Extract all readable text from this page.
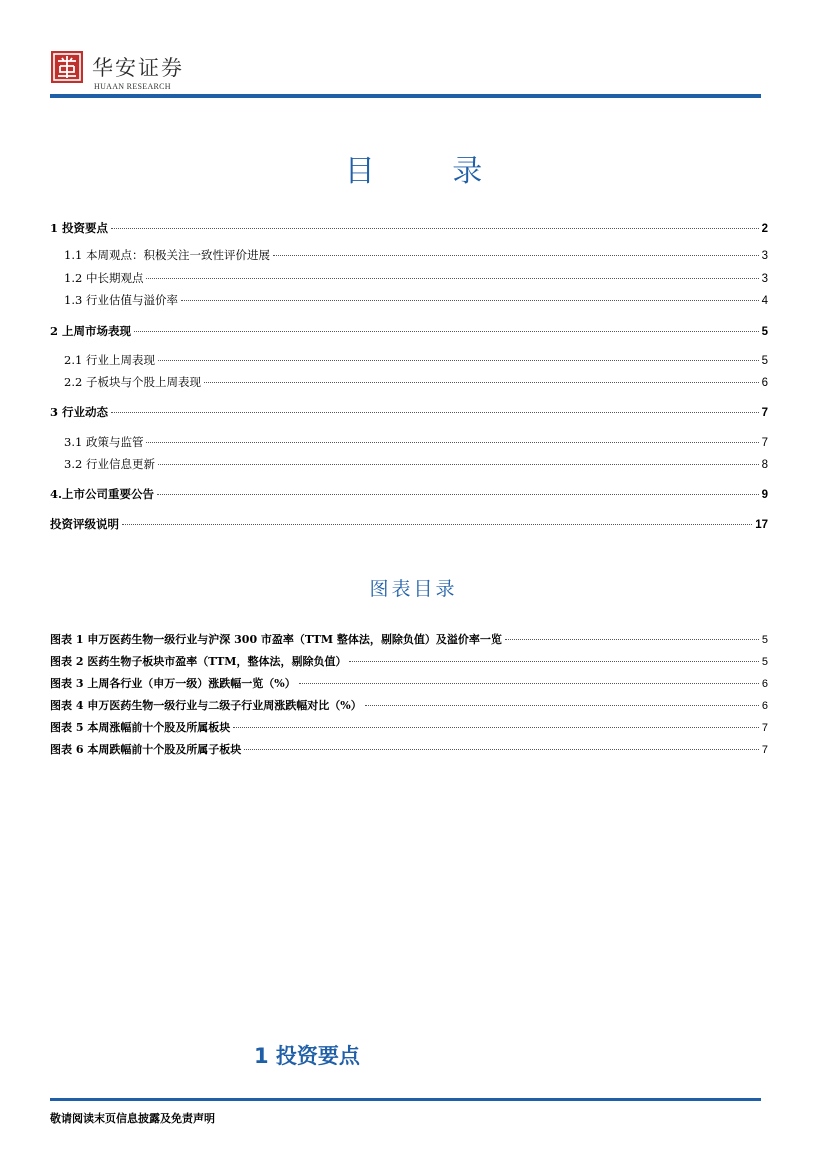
华安证券
HUAAN RESEARCH
目 录
1 投资要点	2
1.1 本周观点：积极关注一致性评价进展	3
1.2 中长期观点	3
1.3 行业估值与溢价率	4
2 上周市场表现	5
2.1 行业上周表现	5
2.2 子板块与个股上周表现	6
3 行业动态	7
3.1 政策与监管	7
3.2 行业信息更新	8
4.上市公司重要公告	9
投资评级说明	17
图表目录
图表 1 申万医药生物一级行业与沪深 300 市盈率（TTM 整体法，剔除负值）及溢价率一览	5
图表 2 医药生物子板块市盈率（TTM，整体法，剔除负值）	5
图表 3 上周各行业（申万一级）涨跌幅一览（%）	6
图表 4 申万医药生物一级行业与二级子行业周涨跌幅对比（%）	6
图表 5 本周涨幅前十个股及所属板块	7
图表 6 本周跌幅前十个股及所属子板块	7
1 投资要点
敬请阅读末页信息披露及免责声明
